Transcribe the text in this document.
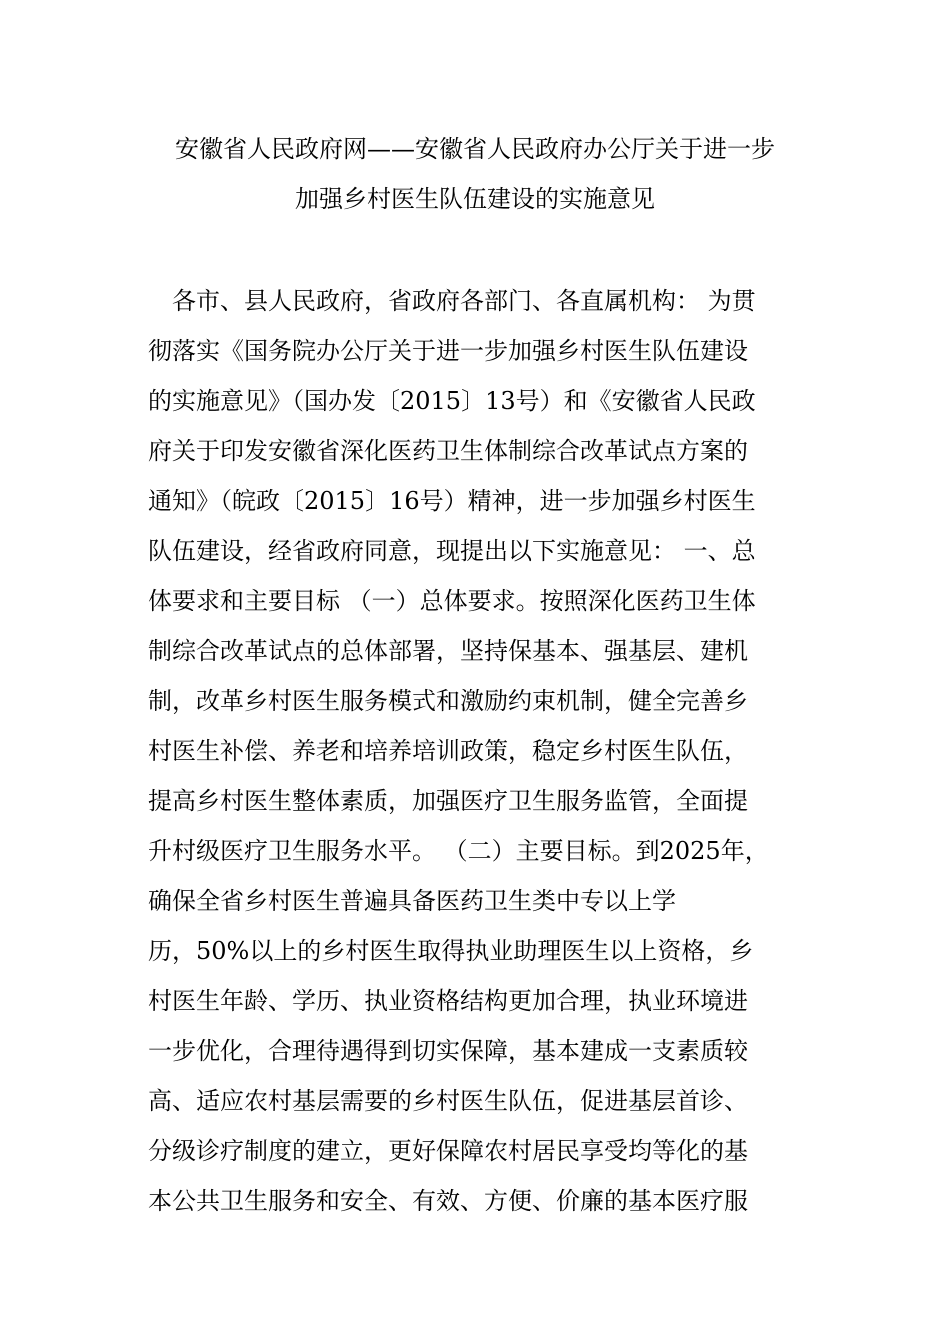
安徽省人民政府网——安徽省人民政府办公厅关于进一步
加强乡村医生队伍建设的实施意见
　各市、县人民政府，省政府各部门、各直属机构： 为贯
彻落实《国务院办公厅关于进一步加强乡村医生队伍建设
的实施意见》（国办发〔2015〕13号）和《安徽省人民政
府关于印发安徽省深化医药卫生体制综合改革试点方案的
通知》（皖政〔2015〕16号）精神，进一步加强乡村医生
队伍建设，经省政府同意，现提出以下实施意见： 一、总
体要求和主要目标 （一）总体要求。按照深化医药卫生体
制综合改革试点的总体部署，坚持保基本、强基层、建机
制，改革乡村医生服务模式和激励约束机制，健全完善乡
村医生补偿、养老和培养培训政策，稳定乡村医生队伍，
提高乡村医生整体素质，加强医疗卫生服务监管，全面提
升村级医疗卫生服务水平。 （二）主要目标。到2025年，
确保全省乡村医生普遍具备医药卫生类中专以上学
历，50%以上的乡村医生取得执业助理医生以上资格，乡
村医生年龄、学历、执业资格结构更加合理，执业环境进
一步优化，合理待遇得到切实保障，基本建成一支素质较
高、适应农村基层需要的乡村医生队伍，促进基层首诊、
分级诊疗制度的建立，更好保障农村居民享受均等化的基
本公共卫生服务和安全、有效、方便、价廉的基本医疗服
